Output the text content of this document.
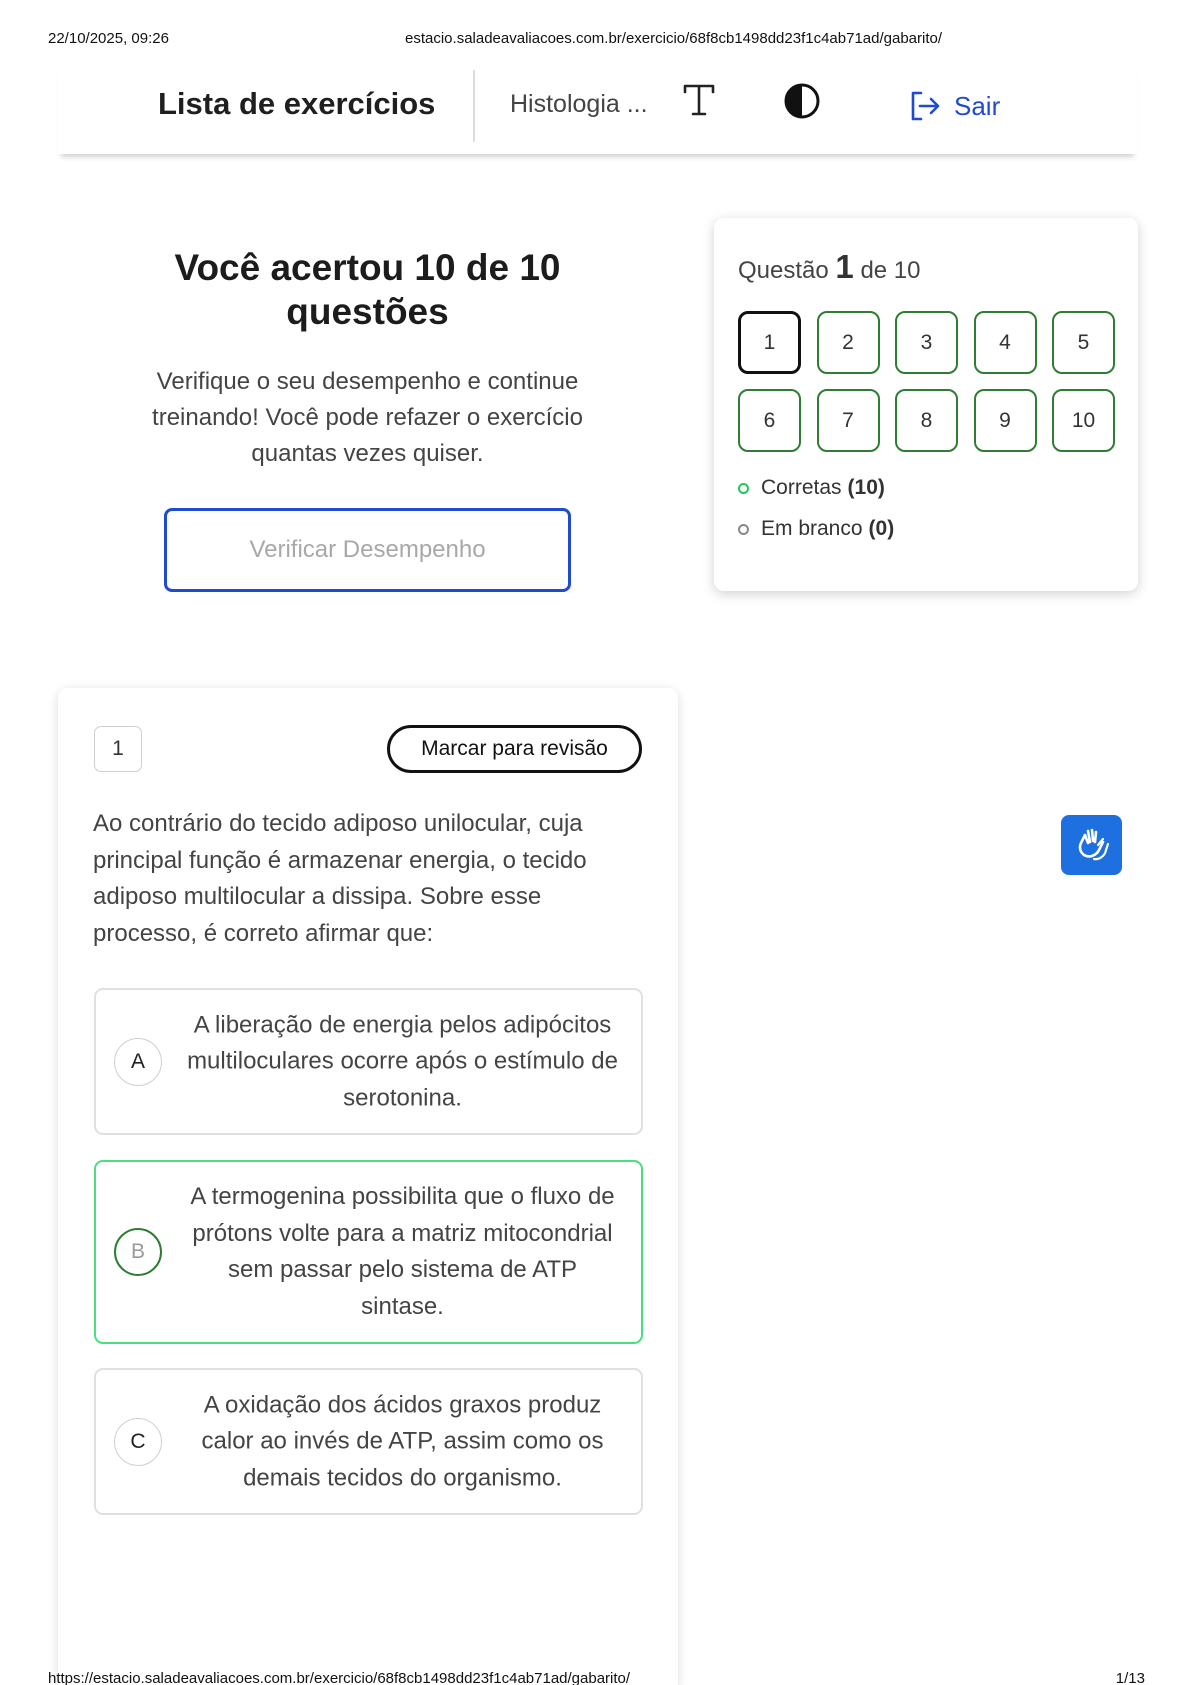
22/10/2025, 09:26	estacio.saladeavaliacoes.com.br/exercicio/68f8cb1498dd23f1c4ab71ad/gabarito/
Lista de exercícios	Histologia ...	Sair
Você acertou 10 de 10 questões
Verifique o seu desempenho e continue treinando! Você pode refazer o exercício quantas vezes quiser.
Verificar Desempenho
Questão 1 de 10
1	2	3	4	5
6	7	8	9	10
Corretas (10)
Em branco (0)
1	Marcar para revisão
Ao contrário do tecido adiposo unilocular, cuja principal função é armazenar energia, o tecido adiposo multilocular a dissipa. Sobre esse processo, é correto afirmar que:
A
A liberação de energia pelos adipócitos multiloculares ocorre após o estímulo de serotonina.
B
A termogenina possibilita que o fluxo de prótons volte para a matriz mitocondrial sem passar pelo sistema de ATP sintase.
C
A oxidação dos ácidos graxos produz calor ao invés de ATP, assim como os demais tecidos do organismo.
https://estacio.saladeavaliacoes.com.br/exercicio/68f8cb1498dd23f1c4ab71ad/gabarito/	1/13
